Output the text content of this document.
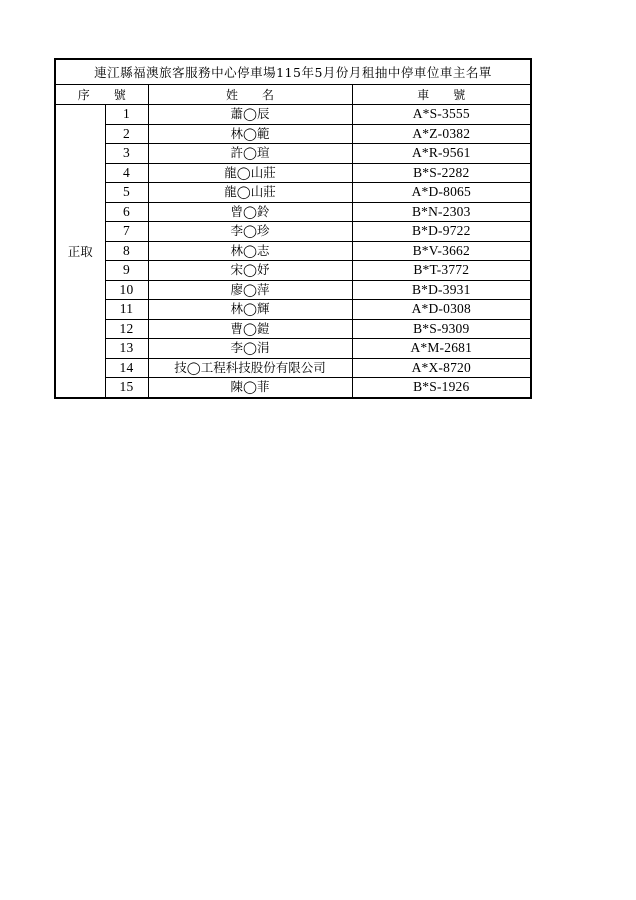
連江縣福澳旅客服務中心停車場115年5月份月租抽中停車位車主名單			
序　　號		姓　　名	車　　號
正取	1	蕭◯辰	A*S-3555
	2	林◯範	A*Z-0382
	3	許◯瑄	A*R-9561
	4	龍◯山莊	B*S-2282
	5	龍◯山莊	A*D-8065
	6	曾◯鈴	B*N-2303
	7	李◯珍	B*D-9722
	8	林◯志	B*V-3662
	9	宋◯妤	B*T-3772
	10	廖◯萍	B*D-3931
	11	林◯輝	A*D-0308
	12	曹◯鎧	B*S-9309
	13	李◯涓	A*M-2681
	14	技◯工程科技股份有限公司	A*X-8720
	15	陳◯菲	B*S-1926
